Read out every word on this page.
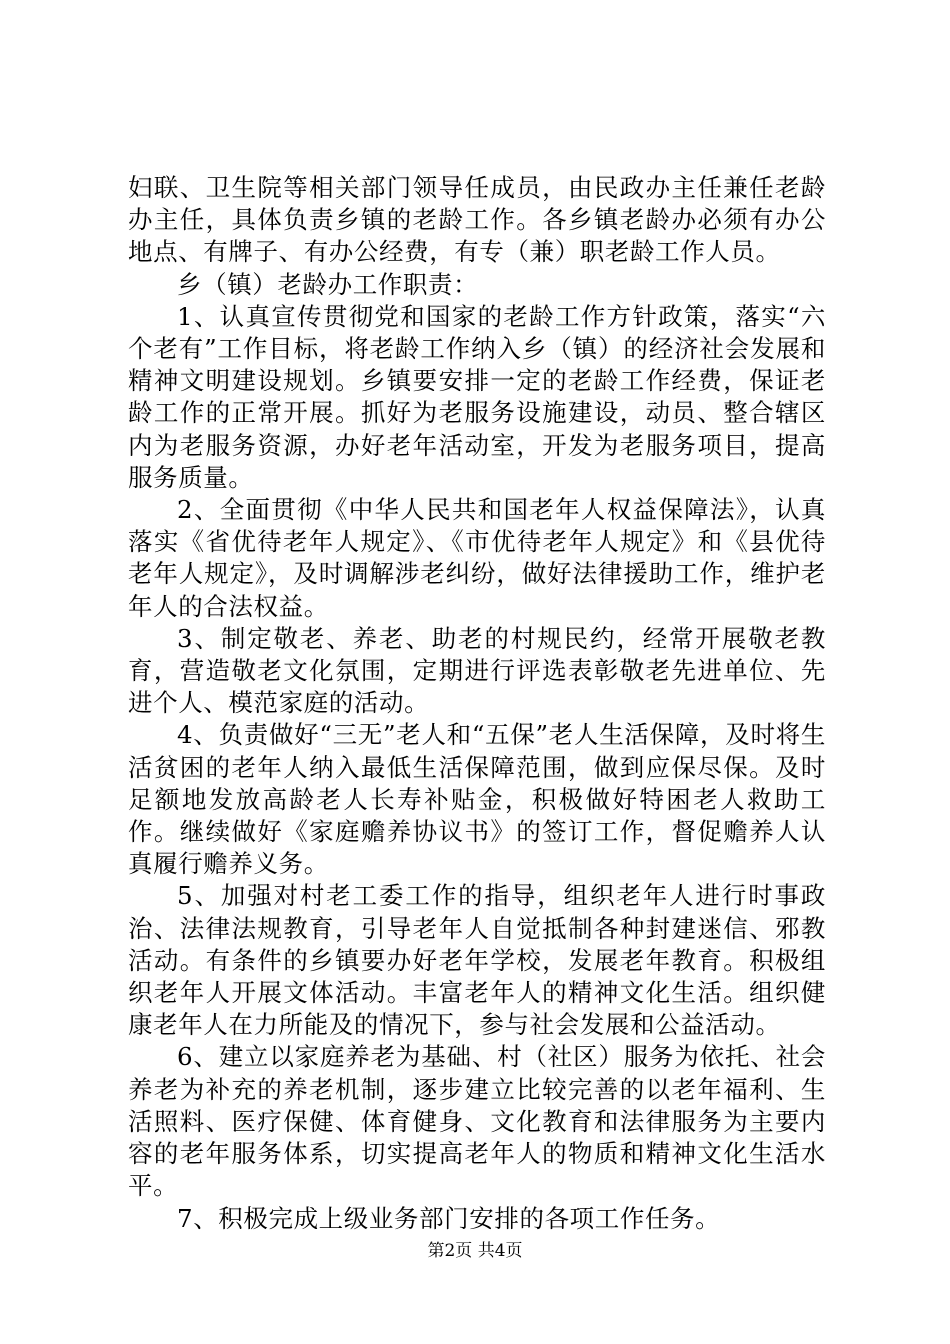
妇联、卫生院等相关部门领导任成员，由民政办主任兼任老龄办主任，具体负责乡镇的老龄工作。各乡镇老龄办必须有办公地点、有牌子、有办公经费，有专（兼）职老龄工作人员。

乡（镇）老龄办工作职责：

1、认真宣传贯彻党和国家的老龄工作方针政策，落实“六个老有”工作目标，将老龄工作纳入乡（镇）的经济社会发展和精神文明建设规划。乡镇要安排一定的老龄工作经费，保证老龄工作的正常开展。抓好为老服务设施建设，动员、整合辖区内为老服务资源，办好老年活动室，开发为老服务项目，提高服务质量。

2、全面贯彻《中华人民共和国老年人权益保障法》，认真落实《省优待老年人规定》、《市优待老年人规定》和《县优待老年人规定》，及时调解涉老纠纷，做好法律援助工作，维护老年人的合法权益。

3、制定敬老、养老、助老的村规民约，经常开展敬老教育，营造敬老文化氛围，定期进行评选表彰敬老先进单位、先进个人、模范家庭的活动。

4、负责做好“三无”老人和“五保”老人生活保障，及时将生活贫困的老年人纳入最低生活保障范围，做到应保尽保。及时足额地发放高龄老人长寿补贴金，积极做好特困老人救助工作。继续做好《家庭赡养协议书》的签订工作，督促赡养人认真履行赡养义务。

5、加强对村老工委工作的指导，组织老年人进行时事政治、法律法规教育，引导老年人自觉抵制各种封建迷信、邪教活动。有条件的乡镇要办好老年学校，发展老年教育。积极组织老年人开展文体活动。丰富老年人的精神文化生活。组织健康老年人在力所能及的情况下，参与社会发展和公益活动。

6、建立以家庭养老为基础、村（社区）服务为依托、社会养老为补充的养老机制，逐步建立比较完善的以老年福利、生活照料、医疗保健、体育健身、文化教育和法律服务为主要内容的老年服务体系，切实提高老年人的物质和精神文化生活水平。

7、积极完成上级业务部门安排的各项工作任务。

第2页 共4页
